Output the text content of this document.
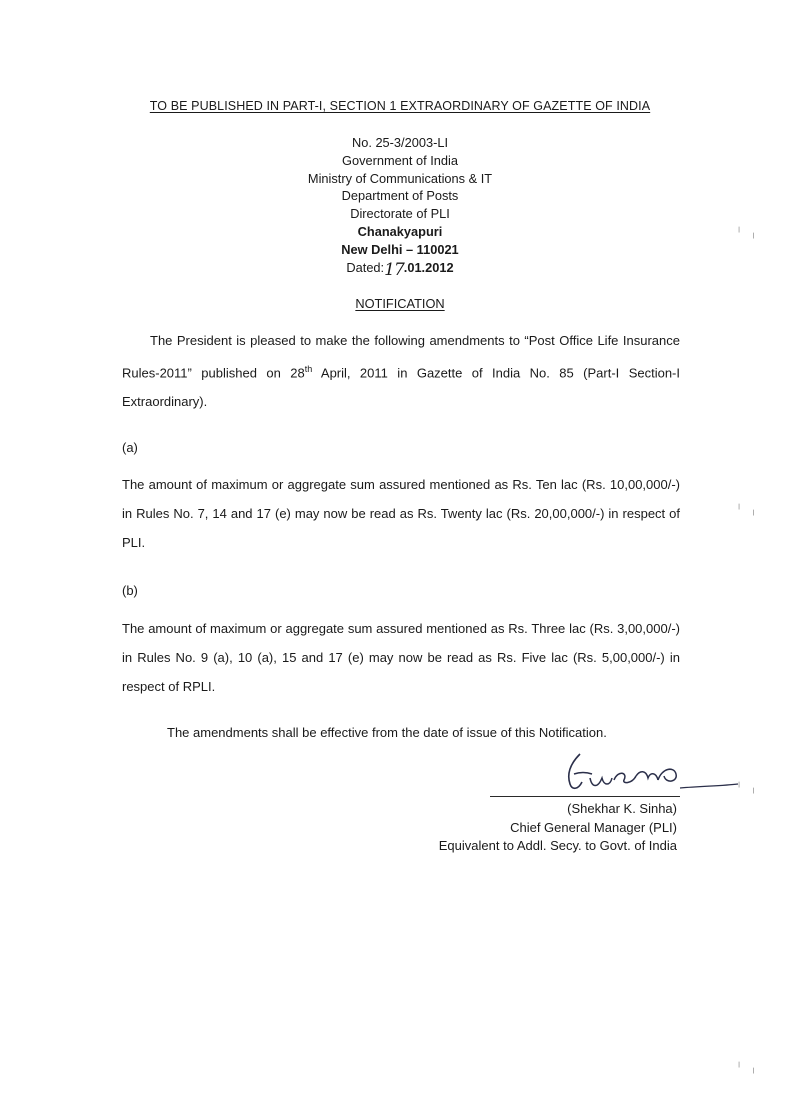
TO BE PUBLISHED IN PART-I, SECTION 1 EXTRAORDINARY OF GAZETTE OF INDIA
No. 25-3/2003-LI
Government of India
Ministry of Communications & IT
Department of Posts
Directorate of PLI
Chanakyapuri
New Delhi – 110021
Dated:17.01.2012
NOTIFICATION
The President is pleased to make the following amendments to “Post Office Life Insurance Rules-2011” published on 28th April, 2011 in Gazette of India No. 85 (Part-I Section-I Extraordinary).
(a)
The amount of maximum or aggregate sum assured mentioned as Rs. Ten lac (Rs. 10,00,000/-) in Rules No. 7, 14 and 17 (e) may now be read as Rs. Twenty lac (Rs. 20,00,000/-) in respect of PLI.
(b)
The amount of maximum or aggregate sum assured mentioned as Rs. Three lac (Rs. 3,00,000/-) in Rules No. 9 (a), 10 (a), 15 and 17 (e) may now be read as Rs. Five lac (Rs. 5,00,000/-) in respect of RPLI.
The amendments shall be effective from the date of issue of this Notification.
(Shekhar K. Sinha)
Chief General Manager (PLI)
Equivalent to Addl. Secy. to Govt. of India
╵   ╷
╵   ╷
╵   ╷
╵   ╷
